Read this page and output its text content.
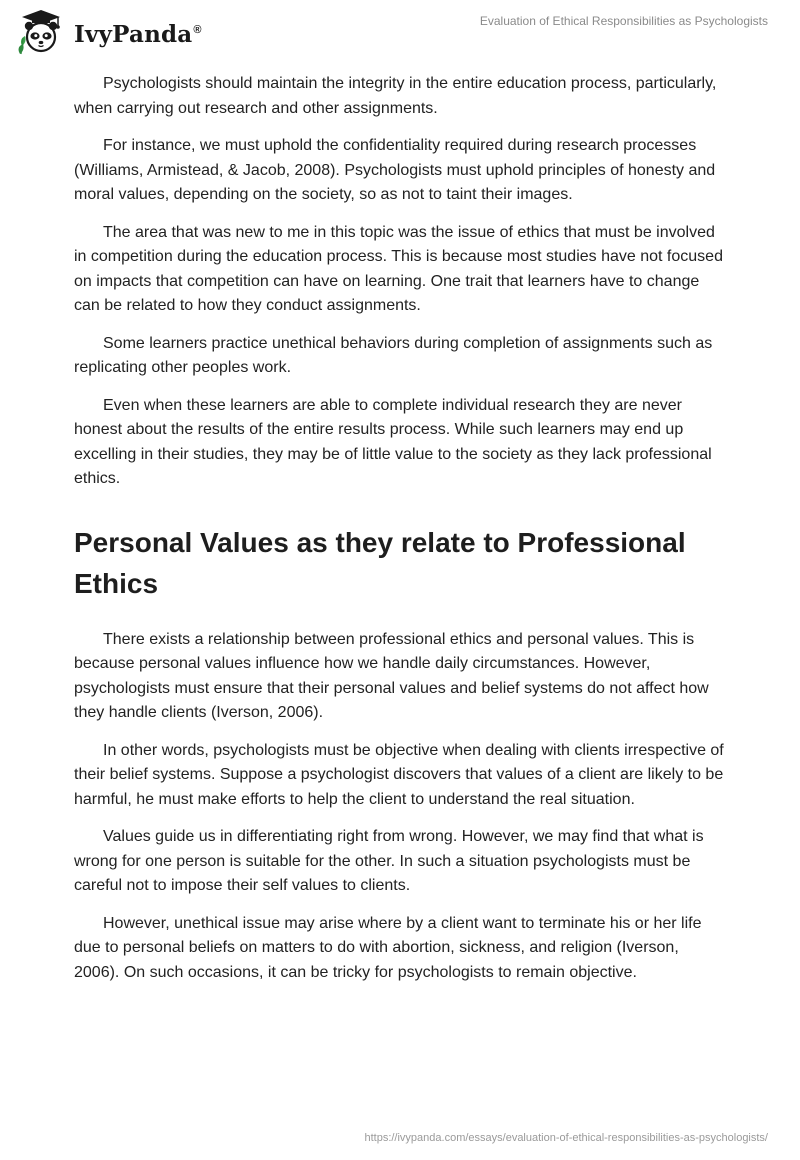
IvyPanda®
Evaluation of Ethical Responsibilities as Psychologists

Psychologists should maintain the integrity in the entire education process, particularly, when carrying out research and other assignments.

For instance, we must uphold the confidentiality required during research processes (Williams, Armistead, & Jacob, 2008). Psychologists must uphold principles of honesty and moral values, depending on the society, so as not to taint their images.

The area that was new to me in this topic was the issue of ethics that must be involved in competition during the education process. This is because most studies have not focused on impacts that competition can have on learning. One trait that learners have to change can be related to how they conduct assignments.

Some learners practice unethical behaviors during completion of assignments such as replicating other peoples work.

Even when these learners are able to complete individual research they are never honest about the results of the entire results process. While such learners may end up excelling in their studies, they may be of little value to the society as they lack professional ethics.

Personal Values as they relate to Professional Ethics

There exists a relationship between professional ethics and personal values. This is because personal values influence how we handle daily circumstances. However, psychologists must ensure that their personal values and belief systems do not affect how they handle clients (Iverson, 2006).

In other words, psychologists must be objective when dealing with clients irrespective of their belief systems. Suppose a psychologist discovers that values of a client are likely to be harmful, he must make efforts to help the client to understand the real situation.

Values guide us in differentiating right from wrong. However, we may find that what is wrong for one person is suitable for the other. In such a situation psychologists must be careful not to impose their self values to clients.

However, unethical issue may arise where by a client want to terminate his or her life due to personal beliefs on matters to do with abortion, sickness, and religion (Iverson, 2006). On such occasions, it can be tricky for psychologists to remain objective.

https://ivypanda.com/essays/evaluation-of-ethical-responsibilities-as-psychologists/
